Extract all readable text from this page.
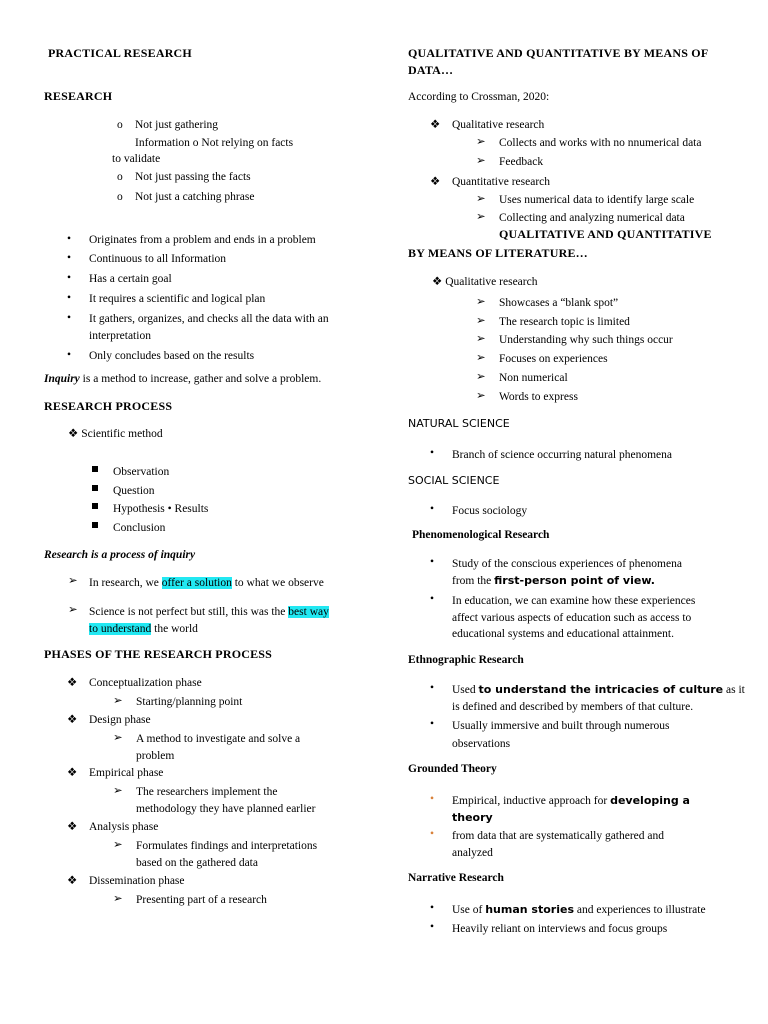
PRACTICAL RESEARCH
RESEARCH
o Not just gathering
Information o Not relying on facts
to validate
o Not just passing the facts
o Not just a catching phrase
• Originates from a problem and ends in a problem
• Continuous to all Information
• Has a certain goal
• It requires a scientific and logical plan
• It gathers, organizes, and checks all the data with an
interpretation
• Only concludes based on the results
Inquiry is a method to increase, gather and solve a problem.
RESEARCH PROCESS
❖ Scientific method
Observation
Question
Hypothesis • Results
Conclusion
Research is a process of inquiry
➢ In research, we offer a solution to what we observe
➢ Science is not perfect but still, this was the best way
to understand the world
PHASES OF THE RESEARCH PROCESS
❖ Conceptualization phase
➢ Starting/planning point
❖ Design phase
➢ A method to investigate and solve a
problem
❖ Empirical phase
➢ The researchers implement the
methodology they have planned earlier
❖ Analysis phase
➢ Formulates findings and interpretations
based on the gathered data
❖ Dissemination phase
➢ Presenting part of a research
QUALITATIVE AND QUANTITATIVE BY MEANS OF
DATA…
According to Crossman, 2020:
❖ Qualitative research
➢ Collects and works with no nnumerical data
➢ Feedback
❖ Quantitative research
➢ Uses numerical data to identify large scale
➢ Collecting and analyzing numerical data
QUALITATIVE AND QUANTITATIVE
BY MEANS OF LITERATURE…
❖ Qualitative research
➢ Showcases a “blank spot”
➢ The research topic is limited
➢ Understanding why such things occur
➢ Focuses on experiences
➢ Non numerical
➢ Words to express
NATURAL SCIENCE
• Branch of science occurring natural phenomena
SOCIAL SCIENCE
• Focus sociology
Phenomenological Research
• Study of the conscious experiences of phenomena
from the first-person point of view.
• In education, we can examine how these experiences
affect various aspects of education such as access to
educational systems and educational attainment.
Ethnographic Research
• Used to understand the intricacies of culture as it
is defined and described by members of that culture.
• Usually immersive and built through numerous
observations
Grounded Theory
• Empirical, inductive approach for developing a
theory
• from data that are systematically gathered and
analyzed
Narrative Research
• Use of human stories and experiences to illustrate
• Heavily reliant on interviews and focus groups
